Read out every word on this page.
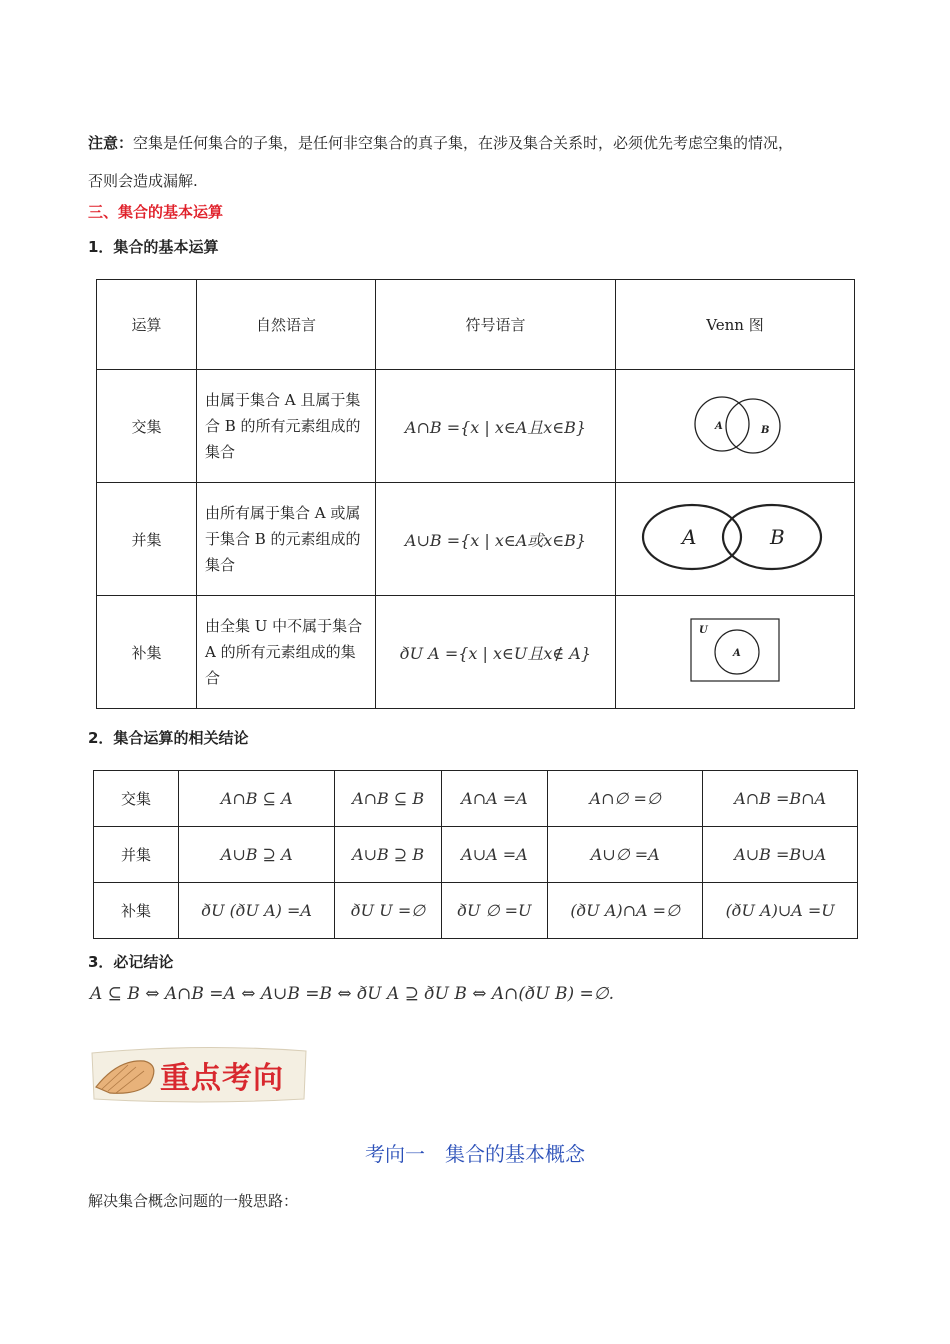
注意：空集是任何集合的子集，是任何非空集合的真子集，在涉及集合关系时，必须优先考虑空集的情况，
否则会造成漏解.
三、集合的基本运算
1．集合的基本运算
运算	自然语言	符号语言	Venn 图
交集	由属于集合 A 且属于集合 B 的所有元素组成的集合	A∩B ={x | x∈A且x∈B}	A B

并集	由所有属于集合 A 或属于集合 B 的元素组成的集合	A∪B ={x | x∈A或x∈B}	A B

补集	由全集 U 中不属于集合 A 的所有元素组成的集合	ðU A ={x | x∈U且x∉ A}	U
A
2．集合运算的相关结论
交集	A∩B ⊆ A	A∩B ⊆ B	A∩A =A	A∩∅ =∅	A∩B =B∩A
并集	A∪B ⊇ A	A∪B ⊇ B	A∪A =A	A∪∅ =A	A∪B =B∪A
补集	ðU (ðU A) =A	ðU U =∅	ðU ∅ =U	(ðU A)∩A =∅	(ðU A)∪A =U
3．必记结论
A ⊆ B ⇔ A∩B =A ⇔ A∪B =B ⇔ ðU A ⊇ ðU B ⇔ A∩(ðU B) =∅.
重点考向
考向一　集合的基本概念
解决集合概念问题的一般思路：
